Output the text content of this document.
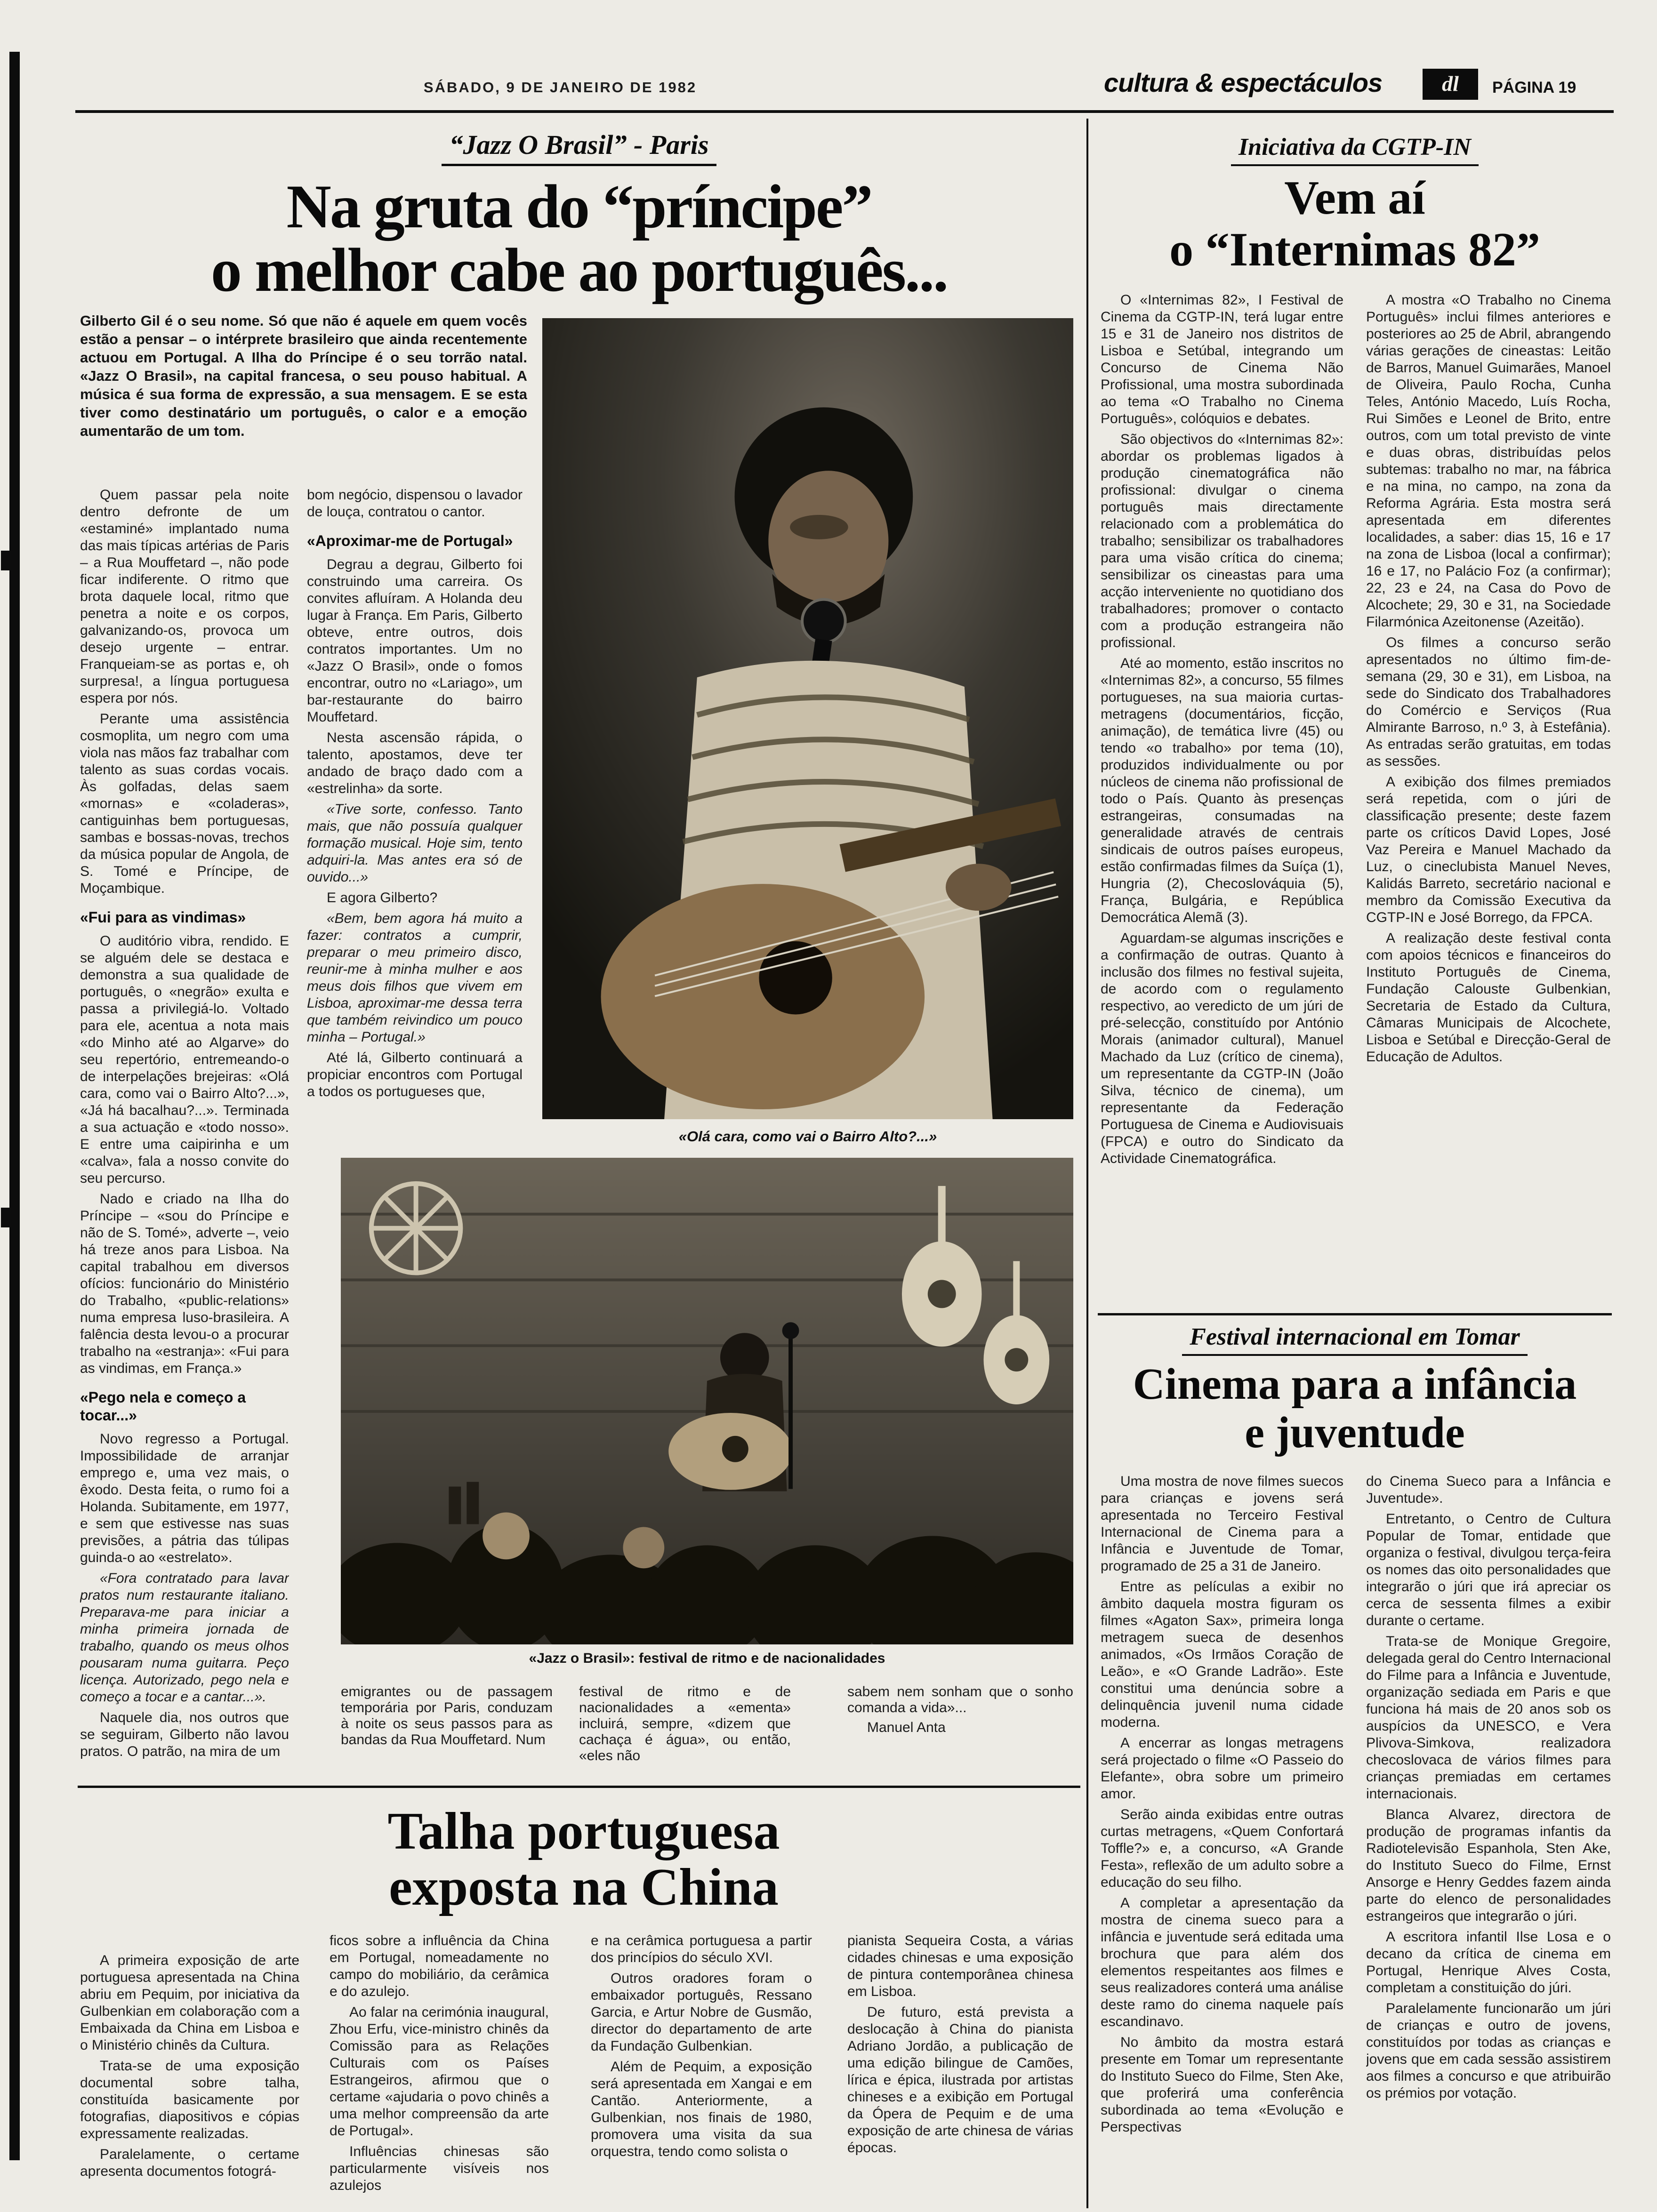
SÁBADO, 9 DE JANEIRO DE 1982	cultura & espectáculos	dl	PÁGINA 19
“Jazz O Brasil” - Paris
Na gruta do “príncipe”
o melhor cabe ao português...
Gilberto Gil é o seu nome. Só que não é aquele em quem vocês estão a pensar – o intérprete brasileiro que ainda recentemente actuou em Portugal. A Ilha do Príncipe é o seu torrão natal. «Jazz O Brasil», na capital francesa, o seu pouso habitual. A música é sua forma de expressão, a sua mensagem. E se esta tiver como destinatário um português, o calor e a emoção aumentarão de um tom.
«Olá cara, como vai o Bairro Alto?...»

Quem passar pela noite dentro defronte de um «estaminé» implantado numa das mais típicas artérias de Paris – a Rua Mouffetard –, não pode ficar indiferente. O ritmo que brota daquele local, ritmo que penetra a noite e os corpos, galvanizando-os, provoca um desejo urgente – entrar. Franqueiam-se as portas e, oh surpresa!, a língua portuguesa espera por nós.

Perante uma assistência cosmoplita, um negro com uma viola nas mãos faz trabalhar com talento as suas cordas vocais. Às golfadas, delas saem «mornas» e «coladeras», cantiguinhas bem portuguesas, sambas e bossas-novas, trechos da música popular de Angola, de S. Tomé e Príncipe, de Moçambique.

«Fui para as vindimas»

O auditório vibra, rendido. E se alguém dele se destaca e demonstra a sua qualidade de português, o «negrão» exulta e passa a privilegiá-lo. Voltado para ele, acentua a nota mais «do Minho até ao Algarve» do seu repertório, entremeando-o de interpelações brejeiras: «Olá cara, como vai o Bairro Alto?...», «Já há bacalhau?...». Terminada a sua actuação e «todo nosso». E entre uma caipirinha e um «calva», fala a nosso convite do seu percurso.

Nado e criado na Ilha do Príncipe – «sou do Príncipe e não de S. Tomé», adverte –, veio há treze anos para Lisboa. Na capital trabalhou em diversos ofícios: funcionário do Ministério do Trabalho, «public-relations» numa empresa luso-brasileira. A falência desta levou-o a procurar trabalho na «estranja»: «Fui para as vindimas, em França.»

«Pego nela e começo a tocar...»

Novo regresso a Portugal. Impossibilidade de arranjar emprego e, uma vez mais, o êxodo. Desta feita, o rumo foi a Holanda. Subitamente, em 1977, e sem que estivesse nas suas previsões, a pátria das túlipas guinda-o ao «estrelato».

«Fora contratado para lavar pratos num restaurante italiano. Preparava-me para iniciar a minha primeira jornada de trabalho, quando os meus olhos pousaram numa guitarra. Peço licença. Autorizado, pego nela e começo a tocar e a cantar...».

Naquele dia, nos outros que se seguiram, Gilberto não lavou pratos. O patrão, na mira de um

bom negócio, dispensou o lavador de louça, contratou o cantor.

«Aproximar-me de Portugal»

Degrau a degrau, Gilberto foi construindo uma carreira. Os convites afluíram. A Holanda deu lugar à França. Em Paris, Gilberto obteve, entre outros, dois contratos importantes. Um no «Jazz O Brasil», onde o fomos encontrar, outro no «Lariago», um bar-restaurante do bairro Mouffetard.

Nesta ascensão rápida, o talento, apostamos, deve ter andado de braço dado com a «estrelinha» da sorte.

«Tive sorte, confesso. Tanto mais, que não possuía qualquer formação musical. Hoje sim, tento adquiri-la. Mas antes era só de ouvido...»

E agora Gilberto?

«Bem, bem agora há muito a fazer: contratos a cumprir, preparar o meu primeiro disco, reunir-me à minha mulher e aos meus dois filhos que vivem em Lisboa, aproximar-me dessa terra que também reivindico um pouco minha – Portugal.»

Até lá, Gilberto continuará a propiciar encontros com Portugal a todos os portugueses que,

«Jazz o Brasil»: festival de ritmo e de nacionalidades

emigrantes ou de passagem temporária por Paris, conduzam à noite os seus passos para as bandas da Rua Mouffetard. Num

festival de ritmo e de nacionalidades a «ementa» incluirá, sempre, «dizem que cachaça é água», ou então, «eles não

sabem nem sonham que o sonho comanda a vida»...

Manuel Anta

Talha portuguesa
exposta na China

A primeira exposição de arte portuguesa apresentada na China abriu em Pequim, por iniciativa da Gulbenkian em colaboração com a Embaixada da China em Lisboa e o Ministério chinês da Cultura.

Trata-se de uma exposição documental sobre talha, constituída basicamente por fotografias, diapositivos e cópias expressamente realizadas.

Paralelamente, o certame apresenta documentos fotográ-

ficos sobre a influência da China em Portugal, nomeadamente no campo do mobiliário, da cerâmica e do azulejo.

Ao falar na cerimónia inaugural, Zhou Erfu, vice-ministro chinês da Comissão para as Relações Culturais com os Países Estrangeiros, afirmou que o certame «ajudaria o povo chinês a uma melhor compreensão da arte de Portugal».

Influências chinesas são particularmente visíveis nos azulejos

e na cerâmica portuguesa a partir dos princípios do século XVI.

Outros oradores foram o embaixador português, Ressano Garcia, e Artur Nobre de Gusmão, director do departamento de arte da Fundação Gulbenkian.

Além de Pequim, a exposição será apresentada em Xangai e em Cantão. Anteriormente, a Gulbenkian, nos finais de 1980, promovera uma visita da sua orquestra, tendo como solista o

pianista Sequeira Costa, a várias cidades chinesas e uma exposição de pintura contemporânea chinesa em Lisboa.

De futuro, está prevista a deslocação à China do pianista Adriano Jordão, a publicação de uma edição bilingue de Camões, lírica e épica, ilustrada por artistas chineses e a exibição em Portugal da Ópera de Pequim e de uma exposição de arte chinesa de várias épocas.

Iniciativa da CGTP-IN
Vem aí
o “Internimas 82”

O «Internimas 82», I Festival de Cinema da CGTP-IN, terá lugar entre 15 e 31 de Janeiro nos distritos de Lisboa e Setúbal, integrando um Concurso de Cinema Não Profissional, uma mostra subordinada ao tema «O Trabalho no Cinema Português», colóquios e debates.

São objectivos do «Internimas 82»: abordar os problemas ligados à produção cinematográfica não profissional: divulgar o cinema português mais directamente relacionado com a problemática do trabalho; sensibilizar os trabalhadores para uma visão crítica do cinema; sensibilizar os cineastas para uma acção interveniente no quotidiano dos trabalhadores; promover o contacto com a produção estrangeira não profissional.

Até ao momento, estão inscritos no «Internimas 82», a concurso, 55 filmes portugueses, na sua maioria curtas-metragens (documentários, ficção, animação), de temática livre (45) ou tendo «o trabalho» por tema (10), produzidos individualmente ou por núcleos de cinema não profissional de todo o País. Quanto às presenças estrangeiras, consumadas na generalidade através de centrais sindicais de outros países europeus, estão confirmadas filmes da Suíça (1), Hungria (2), Checoslováquia (5), França, Bulgária, e República Democrática Alemã (3).

Aguardam-se algumas inscrições e a confirmação de outras. Quanto à inclusão dos filmes no festival sujeita, de acordo com o regulamento respectivo, ao veredicto de um júri de pré-selecção, constituído por António Morais (animador cultural), Manuel Machado da Luz (crítico de cinema), um representante da CGTP-IN (João Silva, técnico de cinema), um representante da Federação Portuguesa de Cinema e Audiovisuais (FPCA) e outro do Sindicato da Actividade Cinematográfica.

A mostra «O Trabalho no Cinema Português» inclui filmes anteriores e posteriores ao 25 de Abril, abrangendo várias gerações de cineastas: Leitão de Barros, Manuel Guimarães, Manoel de Oliveira, Paulo Rocha, Cunha Teles, António Macedo, Luís Rocha, Rui Simões e Leonel de Brito, entre outros, com um total previsto de vinte e duas obras, distribuídas pelos subtemas: trabalho no mar, na fábrica e na mina, no campo, na zona da Reforma Agrária. Esta mostra será apresentada em diferentes localidades, a saber: dias 15, 16 e 17 na zona de Lisboa (local a confirmar); 16 e 17, no Palácio Foz (a confirmar); 22, 23 e 24, na Casa do Povo de Alcochete; 29, 30 e 31, na Sociedade Filarmónica Azeitonense (Azeitão).

Os filmes a concurso serão apresentados no último fim-de-semana (29, 30 e 31), em Lisboa, na sede do Sindicato dos Trabalhadores do Comércio e Serviços (Rua Almirante Barroso, n.º 3, à Estefânia). As entradas serão gratuitas, em todas as sessões.

A exibição dos filmes premiados será repetida, com o júri de classificação presente; deste fazem parte os críticos David Lopes, José Vaz Pereira e Manuel Machado da Luz, o cineclubista Manuel Neves, Kalidás Barreto, secretário nacional e membro da Comissão Executiva da CGTP-IN e José Borrego, da FPCA.

A realização deste festival conta com apoios técnicos e financeiros do Instituto Português de Cinema, Fundação Calouste Gulbenkian, Secretaria de Estado da Cultura, Câmaras Municipais de Alcochete, Lisboa e Setúbal e Direcção-Geral de Educação de Adultos.

Festival internacional em Tomar
Cinema para a infância
e juventude

Uma mostra de nove filmes suecos para crianças e jovens será apresentada no Terceiro Festival Internacional de Cinema para a Infância e Juventude de Tomar, programado de 25 a 31 de Janeiro.

Entre as películas a exibir no âmbito daquela mostra figuram os filmes «Agaton Sax», primeira longa metragem sueca de desenhos animados, «Os Irmãos Coração de Leão», e «O Grande Ladrão». Este constitui uma denúncia sobre a delinquência juvenil numa cidade moderna.

A encerrar as longas metragens será projectado o filme «O Passeio do Elefante», obra sobre um primeiro amor.

Serão ainda exibidas entre outras curtas metragens, «Quem Confortará Toffle?» e, a concurso, «A Grande Festa», reflexão de um adulto sobre a educação do seu filho.

A completar a apresentação da mostra de cinema sueco para a infância e juventude será editada uma brochura que para além dos elementos respeitantes aos filmes e seus realizadores conterá uma análise deste ramo do cinema naquele país escandinavo.

No âmbito da mostra estará presente em Tomar um representante do Instituto Sueco do Filme, Sten Ake, que proferirá uma conferência subordinada ao tema «Evolução e Perspectivas

do Cinema Sueco para a Infância e Juventude».

Entretanto, o Centro de Cultura Popular de Tomar, entidade que organiza o festival, divulgou terça-feira os nomes das oito personalidades que integrarão o júri que irá apreciar os cerca de sessenta filmes a exibir durante o certame.

Trata-se de Monique Gregoire, delegada geral do Centro Internacional do Filme para a Infância e Juventude, organização sediada em Paris e que funciona há mais de 20 anos sob os auspícios da UNESCO, e Vera Plivova-Simkova, realizadora checoslovaca de vários filmes para crianças premiadas em certames internacionais.

Blanca Alvarez, directora de produção de programas infantis da Radiotelevisão Espanhola, Sten Ake, do Instituto Sueco do Filme, Ernst Ansorge e Henry Geddes fazem ainda parte do elenco de personalidades estrangeiros que integrarão o júri.

A escritora infantil Ilse Losa e o decano da crítica de cinema em Portugal, Henrique Alves Costa, completam a constituição do júri.

Paralelamente funcionarão um júri de crianças e outro de jovens, constituídos por todas as crianças e jovens que em cada sessão assistirem aos filmes a concurso e que atribuirão os prémios por votação.
